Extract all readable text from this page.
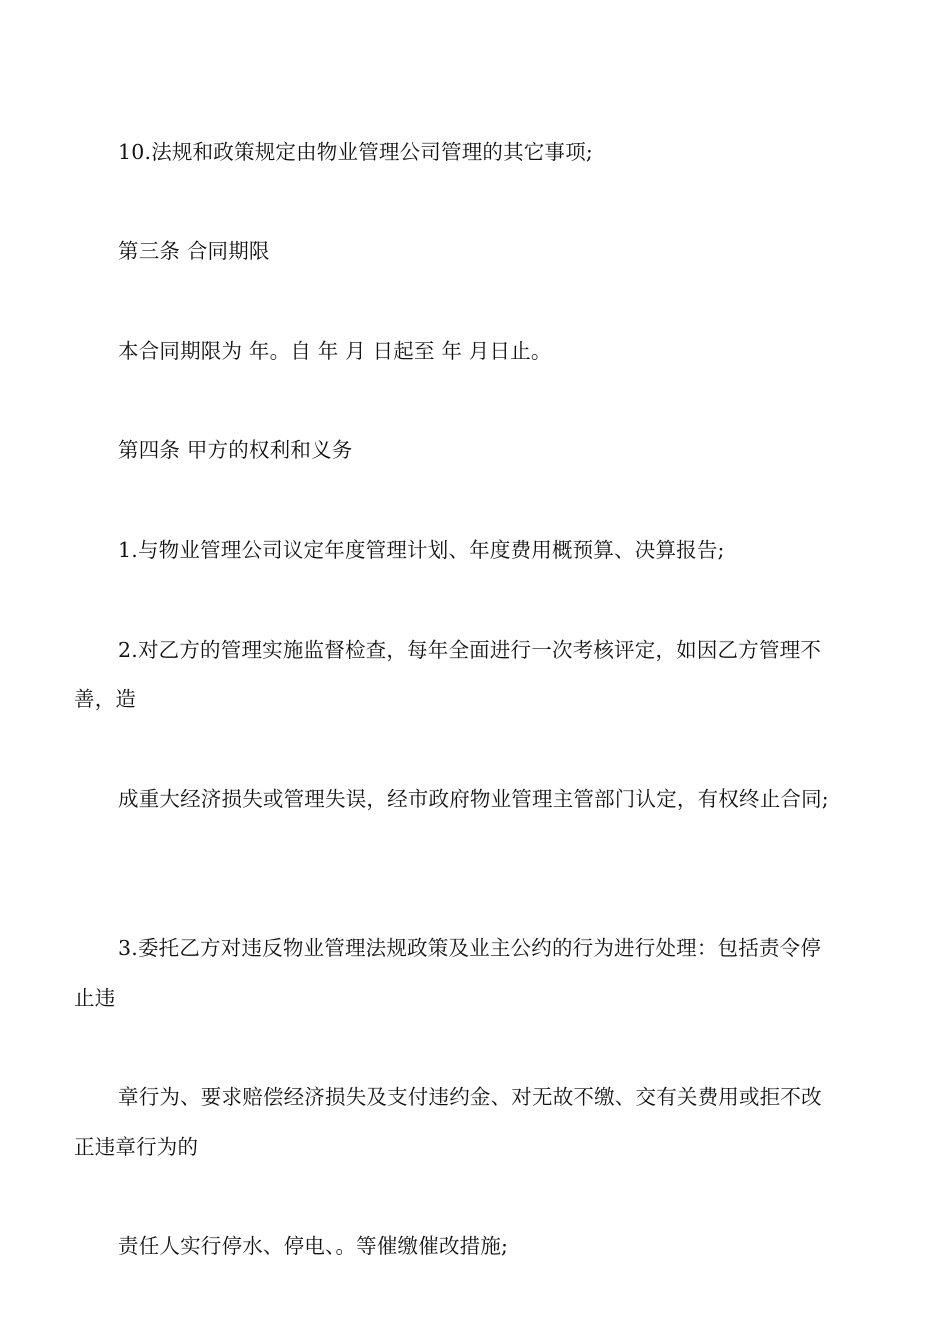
10.法规和政策规定由物业管理公司管理的其它事项;
第三条 合同期限
本合同期限为 年。自 年 月 日起至 年 月日止。
第四条 甲方的权利和义务
1.与物业管理公司议定年度管理计划、年度费用概预算、决算报告;
2.对乙方的管理实施监督检查，每年全面进行一次考核评定，如因乙方管理不
善，造
成重大经济损失或管理失误，经市政府物业管理主管部门认定，有权终止合同;
3.委托乙方对违反物业管理法规政策及业主公约的行为进行处理：包括责令停
止违
章行为、要求赔偿经济损失及支付违约金、对无故不缴、交有关费用或拒不改
正违章行为的
责任人实行停水、停电、。等催缴催改措施;
